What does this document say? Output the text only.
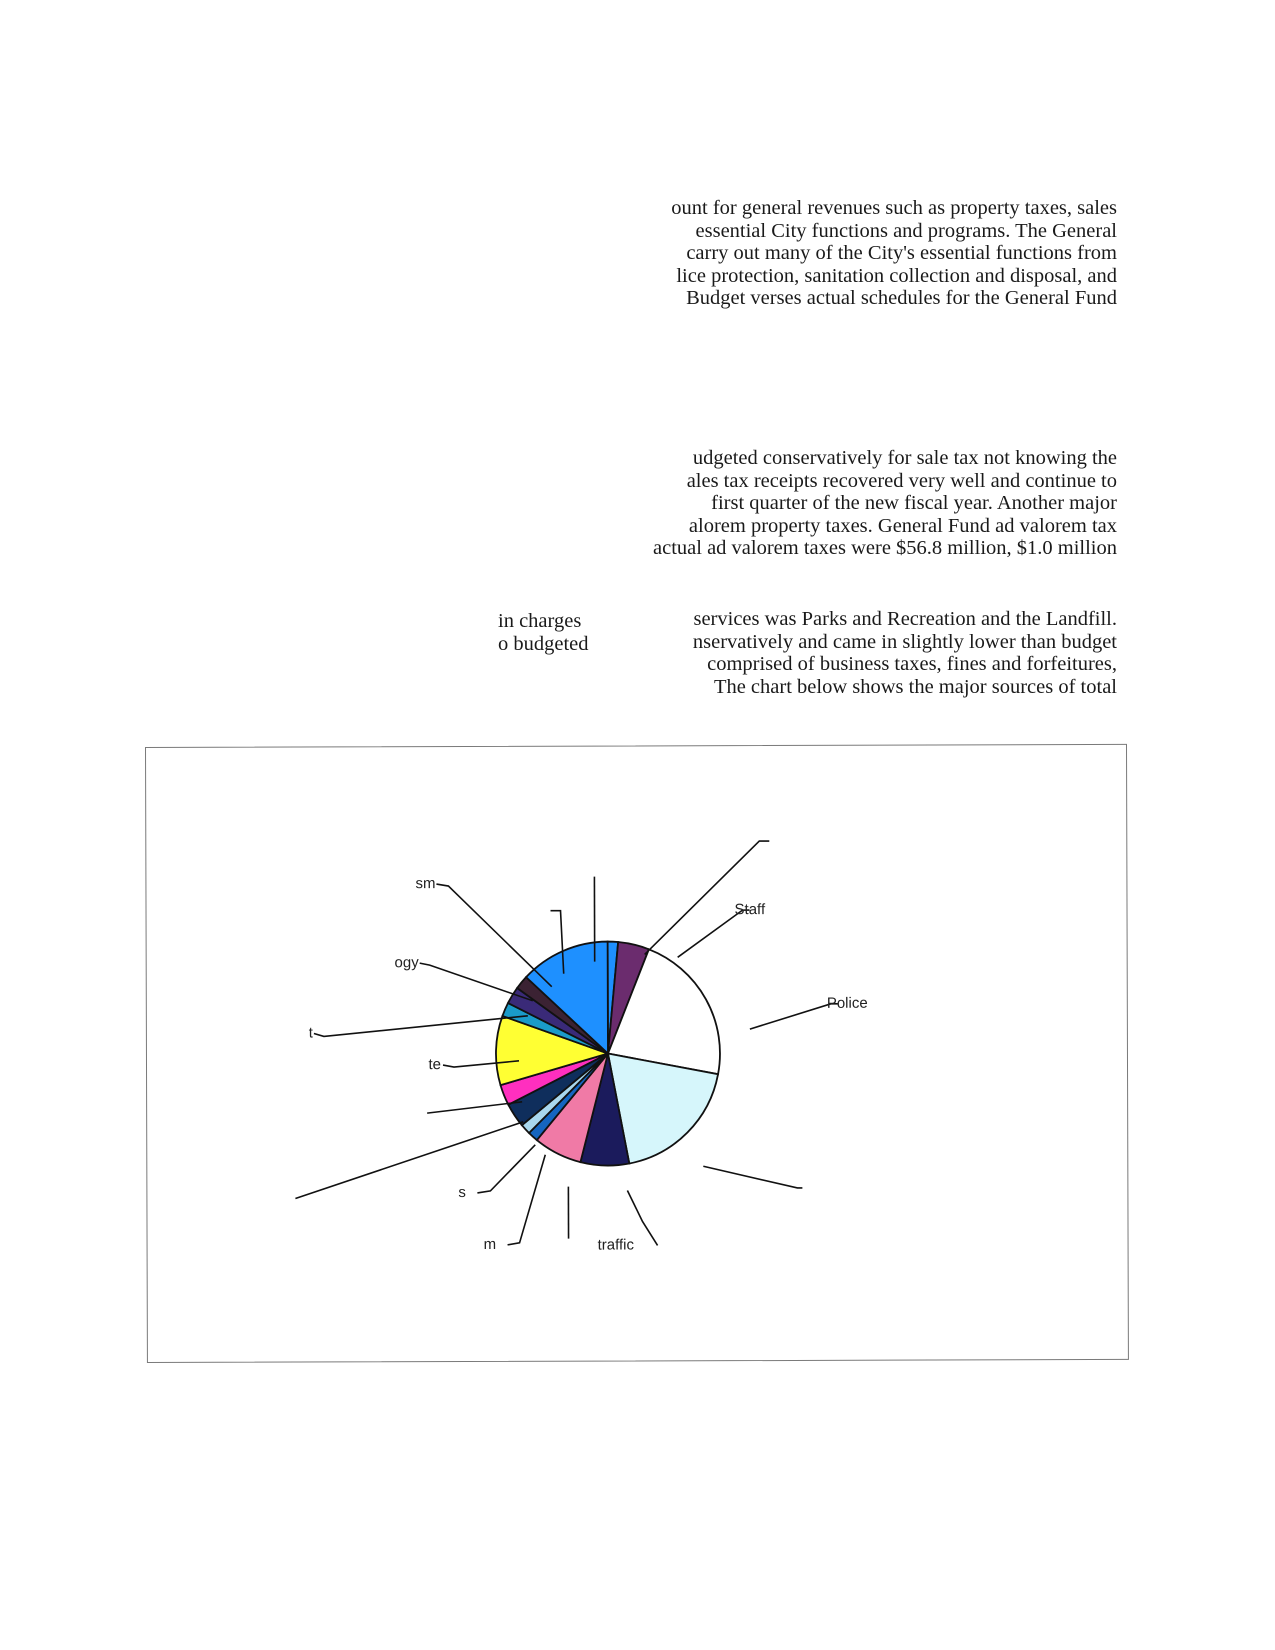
ount for general revenues such as property taxes, sales
essential City functions and programs. The General
carry out many of the City's essential functions from
lice protection, sanitation collection and disposal, and
Budget verses actual schedules for the General Fund
udgeted conservatively for sale tax not knowing the
ales tax receipts recovered very well and continue to
first quarter of the new fiscal year. Another major
alorem property taxes. General Fund ad valorem tax
actual ad valorem taxes were $56.8 million, $1.0 million
in charges
o budgeted
services was Parks and Recreation and the Landfill.
nservatively and came in slightly lower than budget
comprised of business taxes, fines and forfeitures,
The chart below shows the major sources of total
Staff
Police
traffic
m
s
te
t
ogy
sm
